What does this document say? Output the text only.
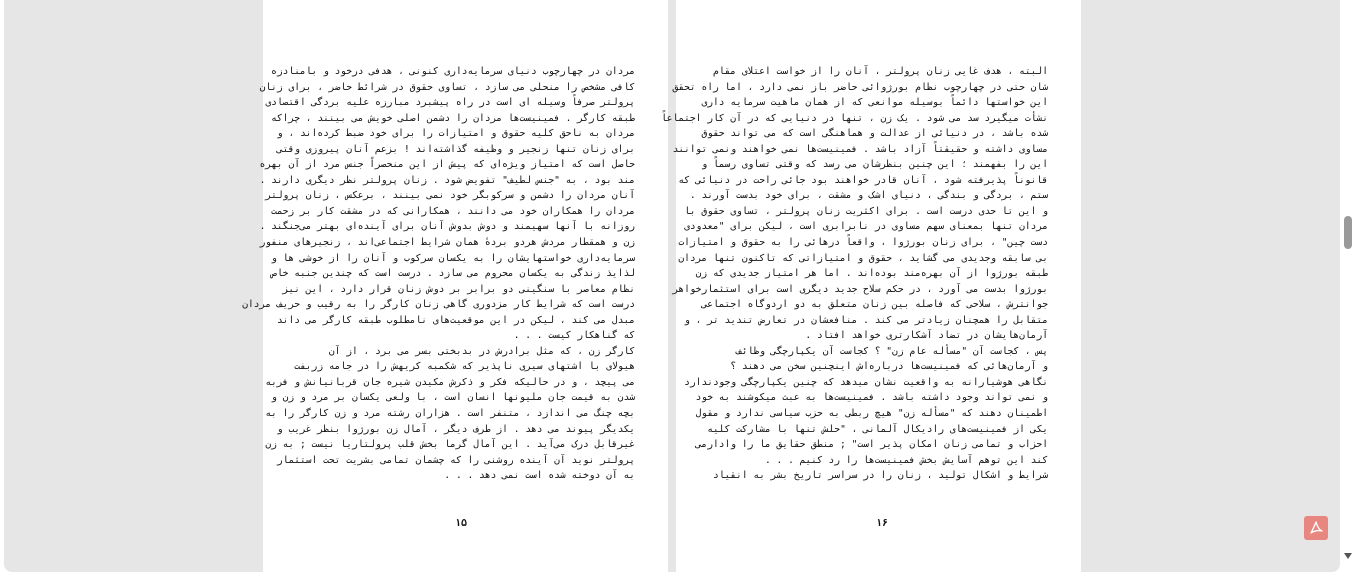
مردان در چهارچوب دنیای سرمایه‌داری کنونی ، هدفی درخود و بامنادزه
کافی مشخص را منحلی می سازد ، تساوی حقوق در شرائط حاضر ، برای زنان
پرولتر صرفاً وسیله ای است در راه پیشبرد مبارزه علیه بردگی اقتصادی
طبقه کارگر . فمینیست‌ها مردان را دشمن اصلی خویش می بینند ، چراکه
مردان به ناحق کلیه حقوق و امتیازات را برای خود ضبط کرده‌اند ، و
برای زنان تنها زنجیر و وظیفه گذاشته‌اند ! بزعم آنان پیروزی وقتی
حاصل است که امتیاز ویژه‌ای که پیش از این منحصراً جنس مرد از آن بهره‌
مند بود ، به "جنس لطیف" تفویض شود . زنان پرولتر نظر دیگری دارند .
آنان مردان را دشمن و سرکوبگر خود نمی بینند ، برعکس ، زنان پرولتر
مردان را همکاران خود می دانند ، همکارانی که در مشقت کار بر زحمت
روزانه با آنها سهیمند و دوش بدوش آنان برای آینده‌ای بهتر می‌جنگند .
زن و همقطار مردش هردو بردهٔ همان شرایط اجتماعی‌اند ، زنجیرهای منفور
سرمایه‌داری خواستهایشان را به یکسان سرکوب و آنان را از خوشی ها و
لذایذ زندگی به یکسان محروم می سازد . درست است که چندین جنبه خاص
نظام معاصر با سنگینی دو برابر بر دوش زنان قرار دارد ، این نیز
درست است که شرایط کار مزدوری گاهی زنان کارگر را به رقیب و حریف مردان
مبدل می کند ، لیکن در این موقعیت‌های نامطلوب طبقه کارگر می داند
که گناهکار کیست . . .
کارگر زن ، که مثل برادرش در بدبختی بسر می برد ، از آن
هیولای با اشتهای سیری ناپذیر که شکمبه کریهش را در جامه زربفت
می پیچد ، و در حالیکه فکر و ذکرش مکیدن شیره جان قربانیانش و فربه
شدن به قیمت جان ملیونها انسان است ، با ولعی یکسان بر مرد و زن و
بچه چنگ می اندازد ، متنفر است . هزاران رشته مرد و زن کارگر را به
یکدیگر پیوند می دهد . از طرف دیگر ، آمال زن بورژوا بنظر غریب و
غیرقابل درک می‌آید . این آمال گرما بخش قلب پرولتاریا نیست ; به زن
پرولتر نوید آن آینده روشنی را که چشمان تمامی بشریت تحت استثمار
به آن دوخته شده است نمی دهد . . .
۱۵
البته ، هدف غایی زنان پرولتر ، آنان را از خواست اعتلای مقام
شان حتی در چهارچوب نظام بورژوائی حاضر باز نمی دارد ، اما راه تحقق
این خواستها دائماً بوسیله موانعی که از همان ماهیت سرمایه داری
نشأت میگیرد سد می شود . یک زن ، تنها در دنیایی که در آن کار اجتماعاً
شده باشد ، در دنیائی از عدالت و هماهنگی است که می تواند حقوق
مساوی داشته و حقیقتاً آزاد باشد . فمینیست‌ها نمی خواهند ونمی توانند
این را بفهمند ؛ این چنین بنظرشان می رسد که وقتی تساوی رسماً و
قانوناً پذیرفته شود ، آنان قادر خواهند بود جائی راحت در دنیائی که
ستم ، بردگی و بندگی ، دنیای اشک و مشقت ، برای خود بدست آورند .
و این تا حدی درست است . برای اکثریت زنان پرولتر ، تساوی حقوق با
مردان تنها بمعنای سهم مساوی در نابرابری است ، لیکن برای "معدودی
دست چین" ، برای زنان بورژوا ، واقعاً درهائی را به حقوق و امتیازات
بی سابقه وجدیدی می گشاید ، حقوق و امتیازاتی که تاکنون تنها مردان
طبقه بورژوا از آن بهره‌مند بوده‌اند . اما هر امتیاز جدیدی که زن
بورژوا بدست می آورد ، در حکم سلاح جدید دیگری است برای استثمارخواهر
جوانترش ، سلاحی که فاصله بین زنان متعلق به دو اردوگاه اجتماعی
متقابل را همچنان زیادتر می کند . منافعشان در تعارض تندید تر ، و
آرمان‌هایشان در تضاد آشکارتری خواهد افتاد .
پس ، کجاست آن "مسأله عام زن" ؟ کجاست آن یکپارچگی وظائف
و آرمان‌هائی که فمینیست‌ها درباره‌اش اینچنین سخن می دهند ؟
نگاهی هوشیارانه به واقعیت نشان میدهد که چنین یکپارچگی وجودندارد
و نمی تواند وجود داشته باشد . فمینیست‌ها به عبث میکوشند به خود
اطمینان دهند که "مسأله زن" هیچ ربطی به حزب سیاسی ندارد و مقول
یکی از فمینیست‌های رادیکال آلمانی ، "حلش تنها با مشارکت کلیه
احزاب و تمامی زنان امکان پذیر است" ; منطق حقایق ما را وادارمی‌
کند این توهم آسایش بخش فمینیست‌ها را رد کنیم . . .
شرایط و اشکال تولید ، زنان را در سراسر تاریخ بشر به انقیاد
۱۶
